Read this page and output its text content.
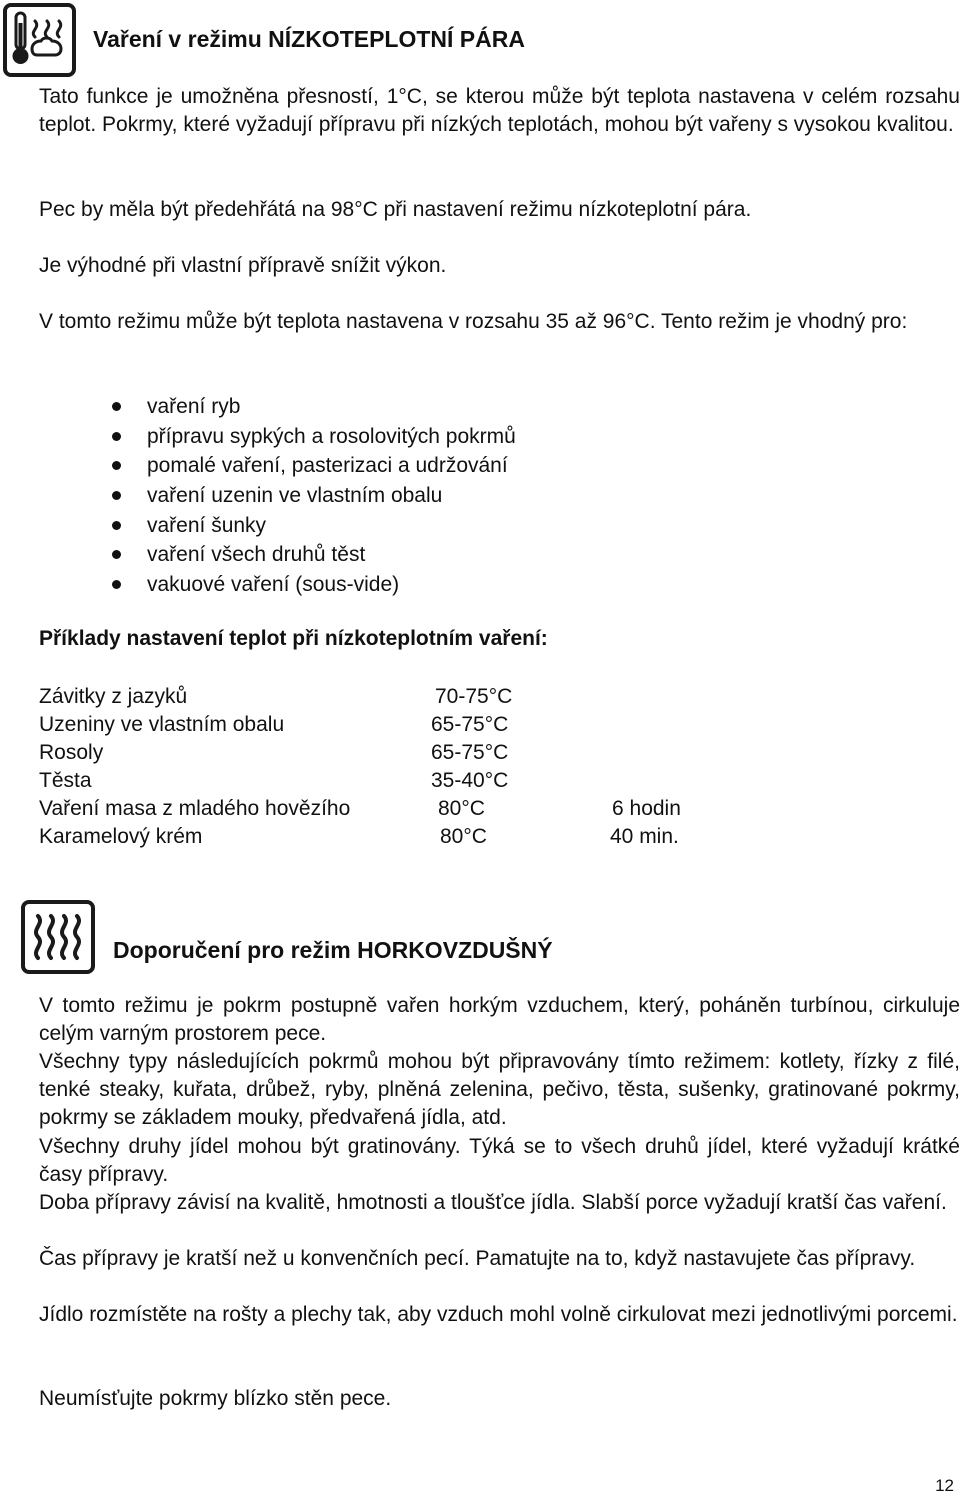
Vaření v režimu NÍZKOTEPLOTNÍ PÁRA

Tato funkce je umožněna přesností, 1°C, se kterou může být teplota nastavena v celém rozsahu teplot. Pokrmy, které vyžadují přípravu při nízkých teplotách, mohou být vařeny s vysokou kvalitou.

Pec by měla být předehřátá na 98°C při nastavení režimu nízkoteplotní pára.

Je výhodné při vlastní přípravě snížit výkon.

V tomto režimu může být teplota nastavena v rozsahu 35 až 96°C. Tento režim je vhodný pro:

vaření ryb
přípravu sypkých a rosolovitých pokrmů
pomalé vaření, pasterizaci a udržování
vaření uzenin ve vlastním obalu
vaření šunky
vaření všech druhů těst
vakuové vaření (sous-vide)
Příklady nastavení teplot při nízkoteplotním vaření:
Závitky z jazyků	70-75°C
Uzeniny ve vlastním obalu	65-75°C
Rosoly	65-75°C
Těsta	35-40°C
Vaření masa z mladého hovězího	80°C	6 hodin
Karamelový krém	80°C	40 min.
Doporučení pro režim HORKOVZDUŠNÝ

V tomto režimu je pokrm postupně vařen horkým vzduchem, který, poháněn turbínou, cirkuluje celým varným prostorem pece.

Všechny typy následujících pokrmů mohou být připravovány tímto režimem: kotlety, řízky z filé, tenké steaky, kuřata, drůbež, ryby, plněná zelenina, pečivo, těsta, sušenky, gratinované pokrmy, pokrmy se základem mouky, předvařená jídla, atd.

Všechny druhy jídel mohou být gratinovány. Týká se to všech druhů jídel, které vyžadují krátké časy přípravy.

Doba přípravy závisí na kvalitě, hmotnosti a tloušťce jídla. Slabší porce vyžadují kratší čas vaření.

Čas přípravy je kratší než u konvenčních pecí. Pamatujte na to, když nastavujete čas přípravy.

Jídlo rozmístěte na rošty a plechy tak, aby vzduch mohl volně cirkulovat mezi jednotlivými porcemi.

Neumísťujte pokrmy blízko stěn pece.

12
